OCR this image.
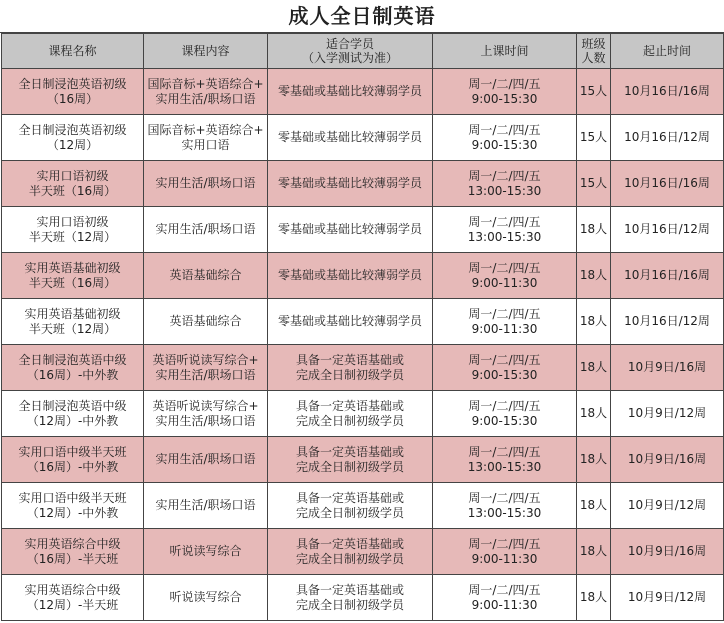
成人全日制英语
课程名称	课程内容	适合学员
（入学测试为准）	上课时间	班级
人数	起止时间

全日制浸泡英语初级
（16周）	国际音标+英语综合+
实用生活/职场口语	零基础或基础比较薄弱学员	周一/二/四/五
9:00-15:30	15人	10月16日/16周

全日制浸泡英语初级
（12周）	国际音标+英语综合+
实用口语	零基础或基础比较薄弱学员	周一/二/四/五
9:00-15:30	15人	10月16日/12周

实用口语初级
半天班（16周）	实用生活/职场口语	零基础或基础比较薄弱学员	周一/二/四/五
13:00-15:30	15人	10月16日/16周

实用口语初级
半天班（12周）	实用生活/职场口语	零基础或基础比较薄弱学员	周一/二/四/五
13:00-15:30	18人	10月16日/12周

实用英语基础初级
半天班（16周）	英语基础综合	零基础或基础比较薄弱学员	周一/二/四/五
9:00-11:30	18人	10月16日/16周

实用英语基础初级
半天班（12周）	英语基础综合	零基础或基础比较薄弱学员	周一/二/四/五
9:00-11:30	18人	10月16日/12周

全日制浸泡英语中级
（16周）-中外教	英语听说读写综合+
实用生活/职场口语	具备一定英语基础或
完成全日制初级学员	周一/二/四/五
9:00-15:30	18人	10月9日/16周

全日制浸泡英语中级
（12周）-中外教	英语听说读写综合+
实用生活/职场口语	具备一定英语基础或
完成全日制初级学员	周一/二/四/五
9:00-15:30	18人	10月9日/12周

实用口语中级半天班
（16周）-中外教	实用生活/职场口语	具备一定英语基础或
完成全日制初级学员	周一/二/四/五
13:00-15:30	18人	10月9日/16周

实用口语中级半天班
（12周）-中外教	实用生活/职场口语	具备一定英语基础或
完成全日制初级学员	周一/二/四/五
13:00-15:30	18人	10月9日/12周

实用英语综合中级
（16周）-半天班	听说读写综合	具备一定英语基础或
完成全日制初级学员	周一/二/四/五
9:00-11:30	18人	10月9日/16周

实用英语综合中级
（12周）-半天班	听说读写综合	具备一定英语基础或
完成全日制初级学员	周一/二/四/五
9:00-11:30	18人	10月9日/12周
